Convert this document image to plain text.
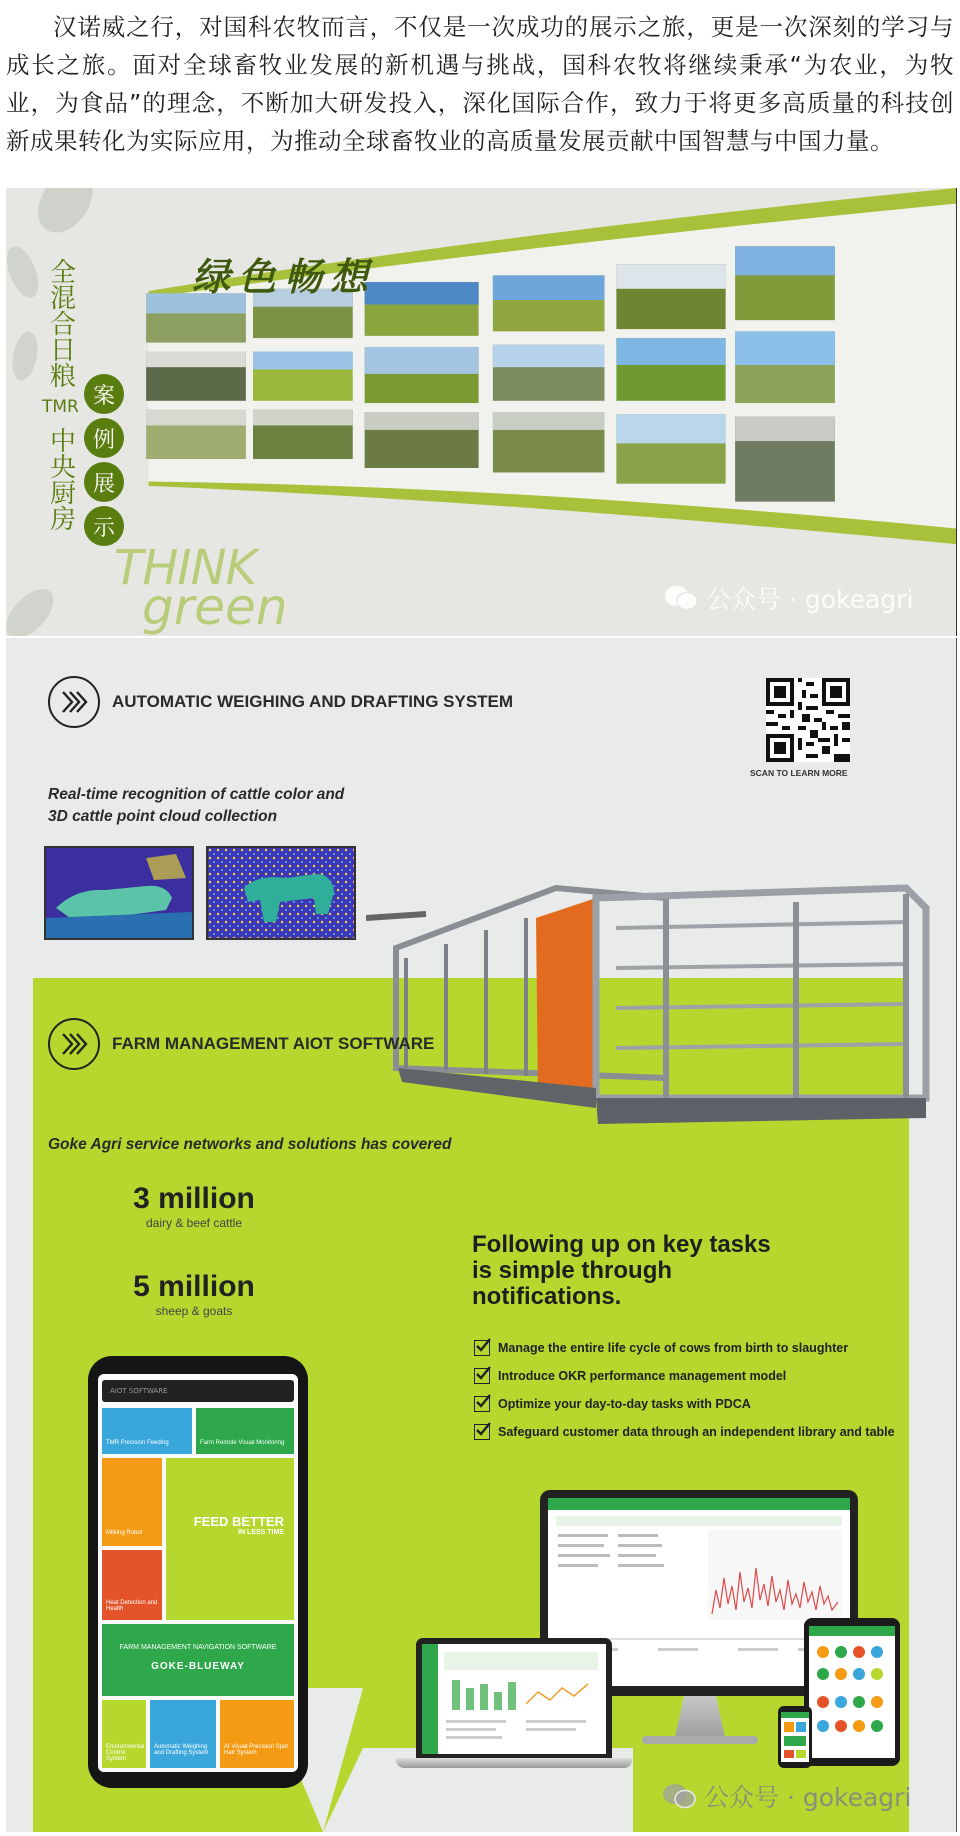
汉诺威之行，对国科农牧而言，不仅是一次成功的展示之旅，更是一次深刻的学习与成长之旅。面对全球畜牧业发展的新机遇与挑战，国科农牧将继续秉承“为农业，为牧业，为食品”的理念，不断加大研发投入，深化国际合作，致力于将更多高质量的科技创新成果转化为实际应用，为推动全球畜牧业的高质量发展贡献中国智慧与中国力量。

全混合日粮
TMR
中央厨房
案
例
展
示
绿色畅想
THINK
green	公众号 · gokeagri
AUTOMATIC WEIGHING AND DRAFTING SYSTEM
SCAN TO LEARN MORE
Real-time recognition of cattle color and
3D cattle point cloud collection
FARM MANAGEMENT AIOT SOFTWARE
Goke Agri service networks and solutions has covered
3 million
dairy & beef cattle
5 million
sheep & goats
Following up on key tasks
is simple through
notifications.
Manage the entire life cycle of cows from birth to slaughter
Introduce OKR performance management model
Optimize your day-to-day tasks with PDCA
Safeguard customer data through an independent library and table
AIOT SOFTWARE
TMR Precision Feeding	Farm Remote Visual Monitoring
Milking Robot
FEED BETTER
IN LESS TIME
Heat Detection and Health
FARM MANAGEMENT NAVIGATION SOFTWARE
GOKE-BLUEWAY
Environmental Control System
Automatic Weighing and Drafting System
AI Visual Precision Spot Hair System
公众号 · gokeagri
